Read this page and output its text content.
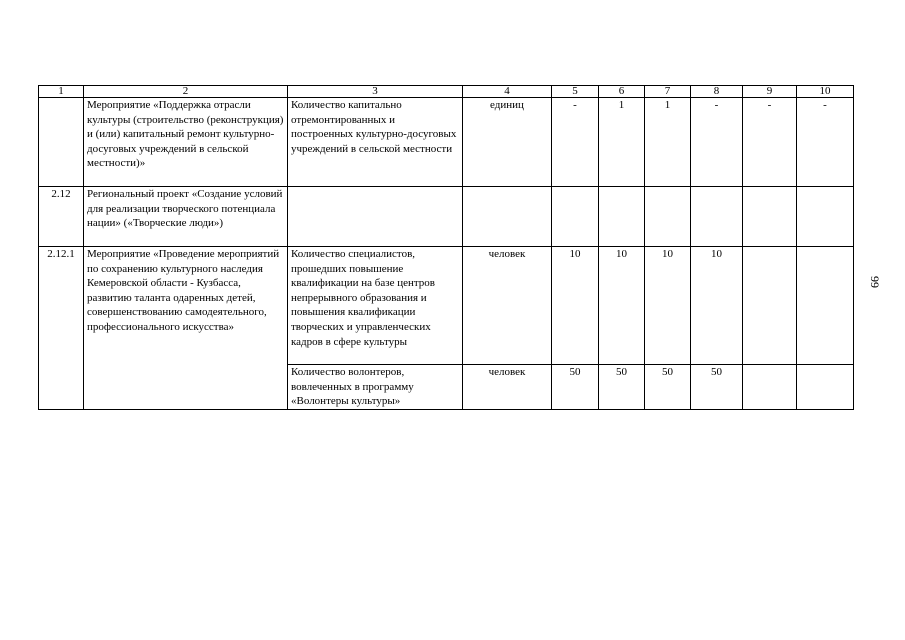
1	2	3	4	5	6	7	8	9	10
	Мероприятие «Поддержка отрасли культуры (строительство (реконструкция) и (или) капитальный ремонт культурно-досуговых учреждений в сельской местности)»	Количество капитально отремонтированных и построенных культурно-досуговых учреждений в сельской местности	единиц	-	1	1	-	-	-
2.12	Региональный проект «Создание условий для реализации творческого потенциала нации» («Творческие люди»)								
2.12.1	Мероприятие «Проведение мероприятий по сохранению культурного наследия Кемеровской области - Кузбасса, развитию таланта одаренных детей, совершенствованию самодеятельного, профессионального искусства»	Количество специалистов, прошедших повышение квалификации на базе центров непрерывного образования и повышения квалификации творческих и управленческих кадров в сфере культуры	человек	10	10	10	10		
		Количество волонтеров, вовлеченных в программу «Волонтеры культуры»	человек	50	50	50	50		
99
